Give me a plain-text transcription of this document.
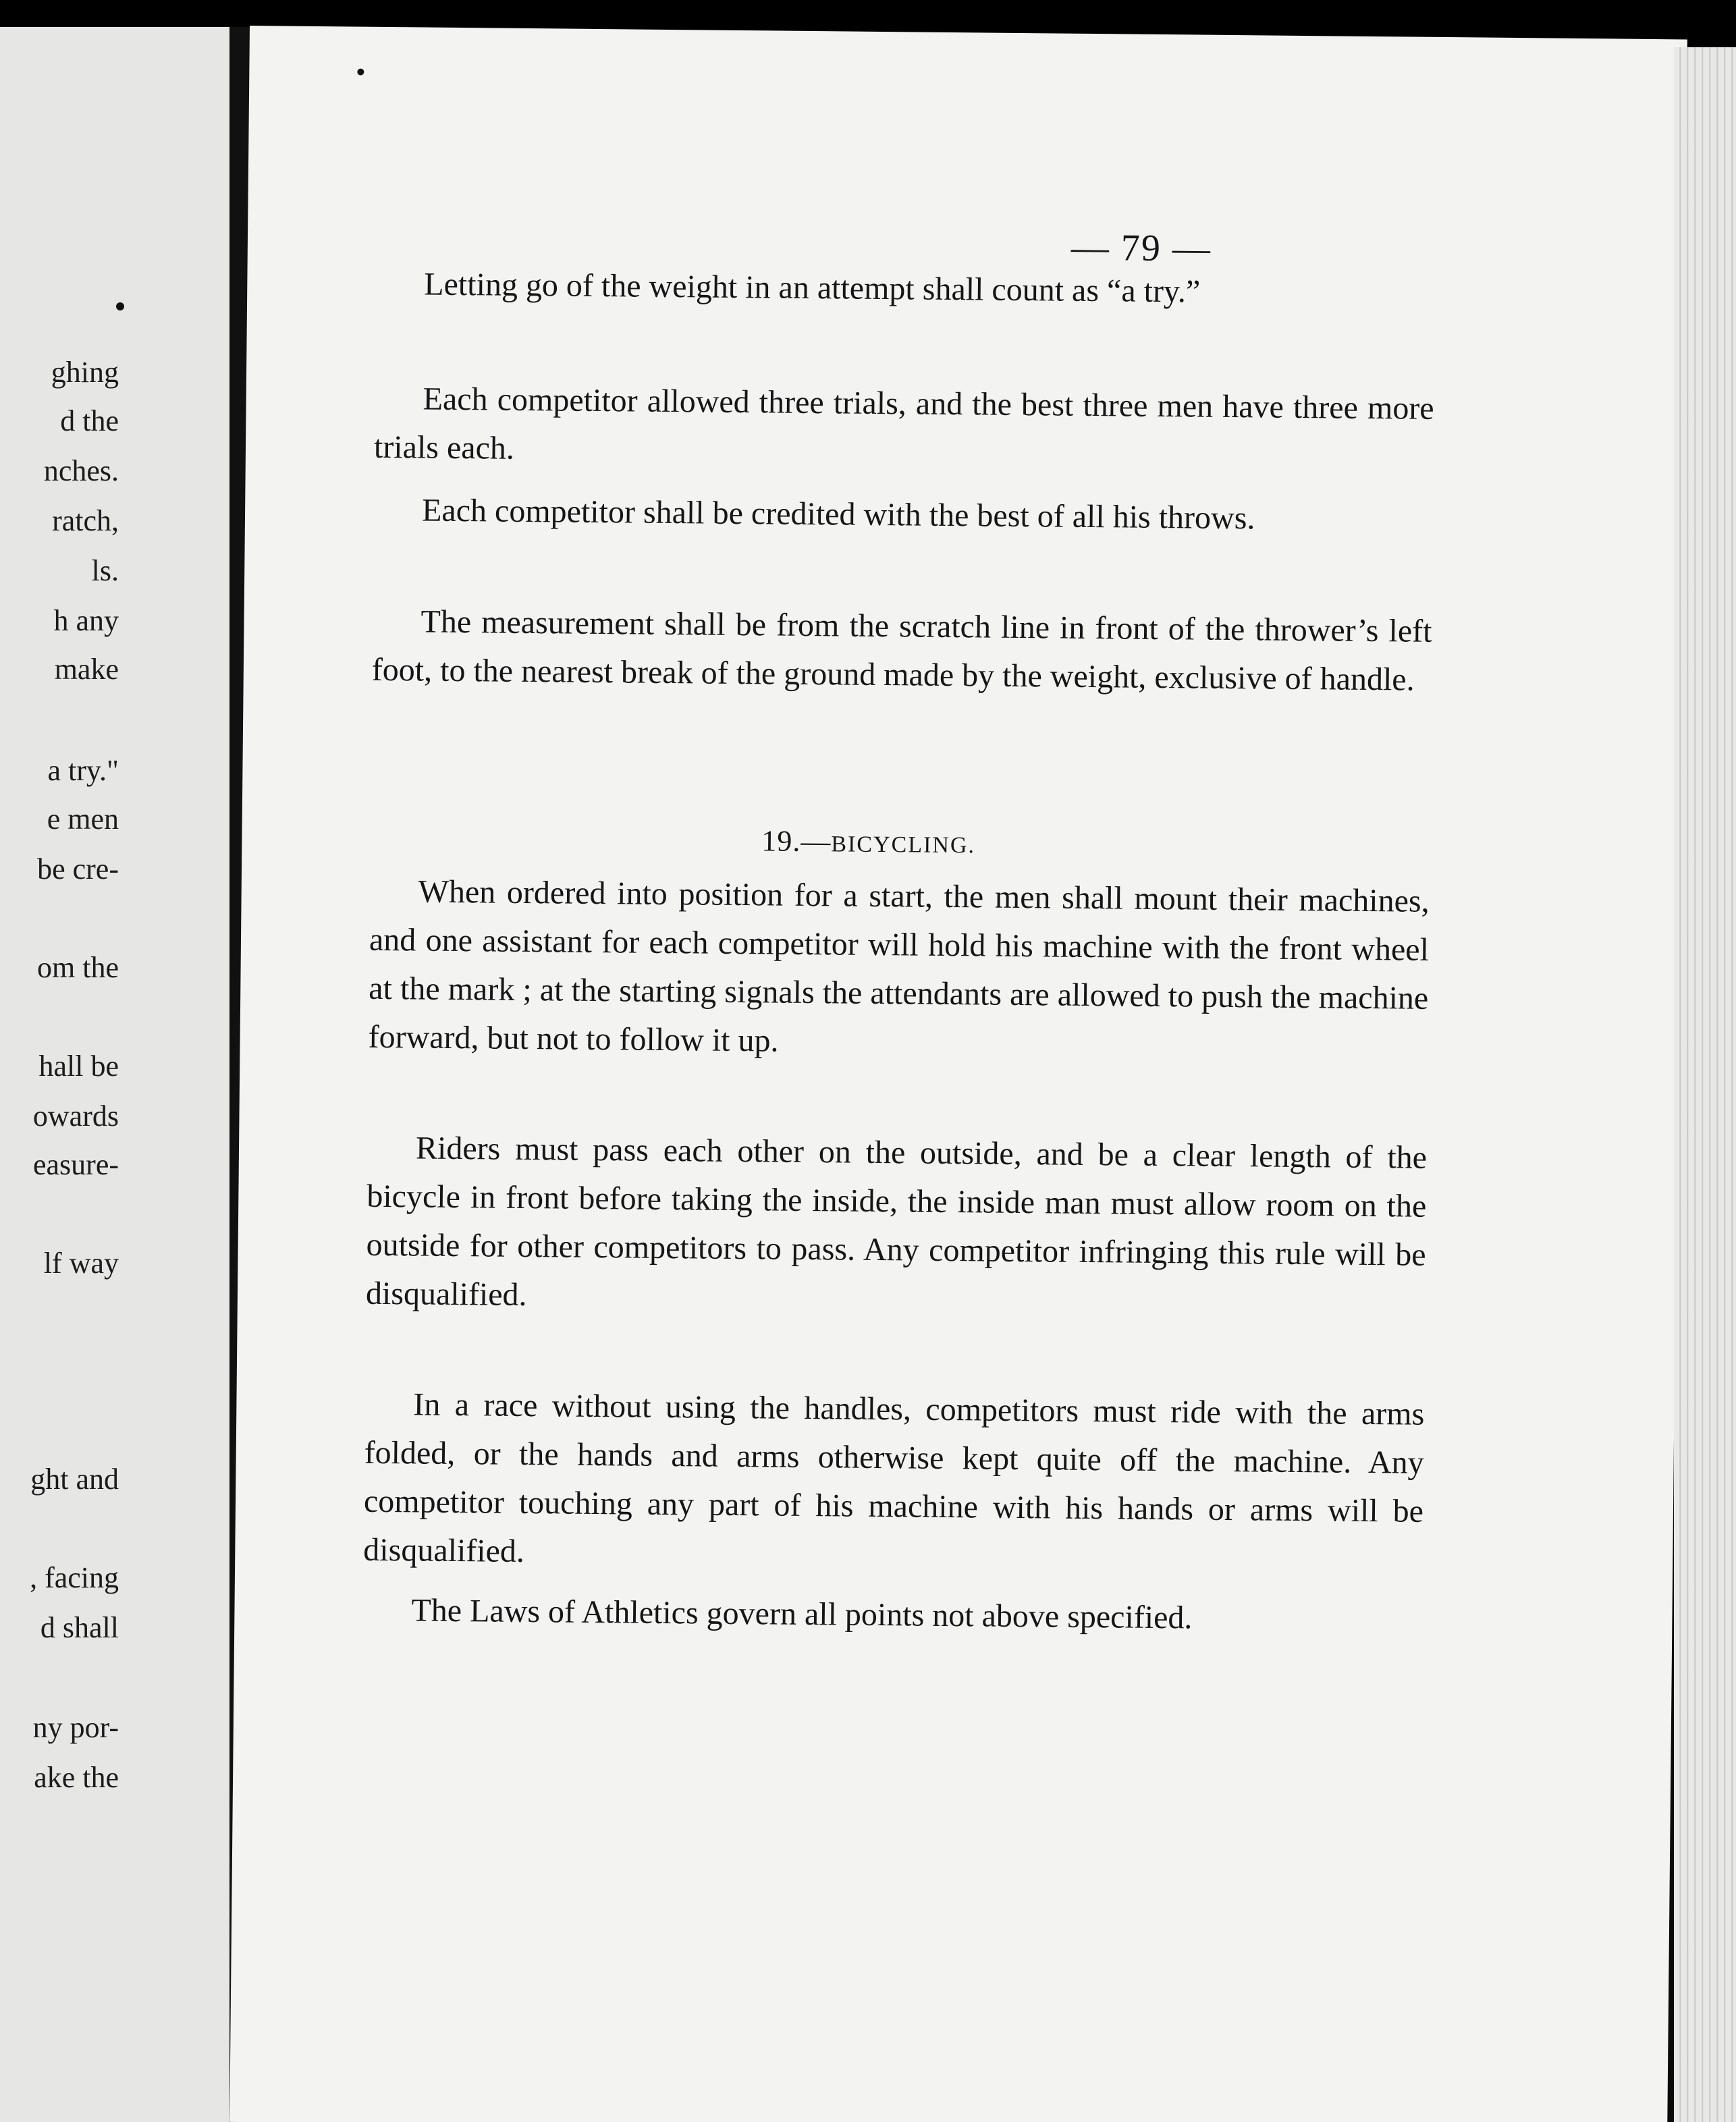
ghing
d the
nches.
ratch,
ls.
h any
make
a try."
e men
be cre-
om the
hall be
owards
easure-
lf way
ght and
, facing
d shall
ny por-
ake the
— 79 —

Letting go of the weight in an attempt shall count as “a try.”

Each competitor allowed three trials, and the best three men have three more trials each.

Each competitor shall be credited with the best of all his throws.

The measurement shall be from the scratch line in front of the thrower’s left foot, to the nearest break of the ground made by the weight, exclusive of handle.

19.—BICYCLING.

When ordered into position for a start, the men shall mount their machines, and one assistant for each competitor will hold his machine with the front wheel at the mark ; at the starting signals the attendants are allowed to push the machine forward, but not to follow it up.

Riders must pass each other on the outside, and be a clear length of the bicycle in front before taking the inside, the inside man must allow room on the outside for other competitors to pass. Any competitor infringing this rule will be disqualified.

In a race without using the handles, competitors must ride with the arms folded, or the hands and arms otherwise kept quite off the machine. Any competitor touching any part of his machine with his hands or arms will be disqualified.

The Laws of Athletics govern all points not above specified.
